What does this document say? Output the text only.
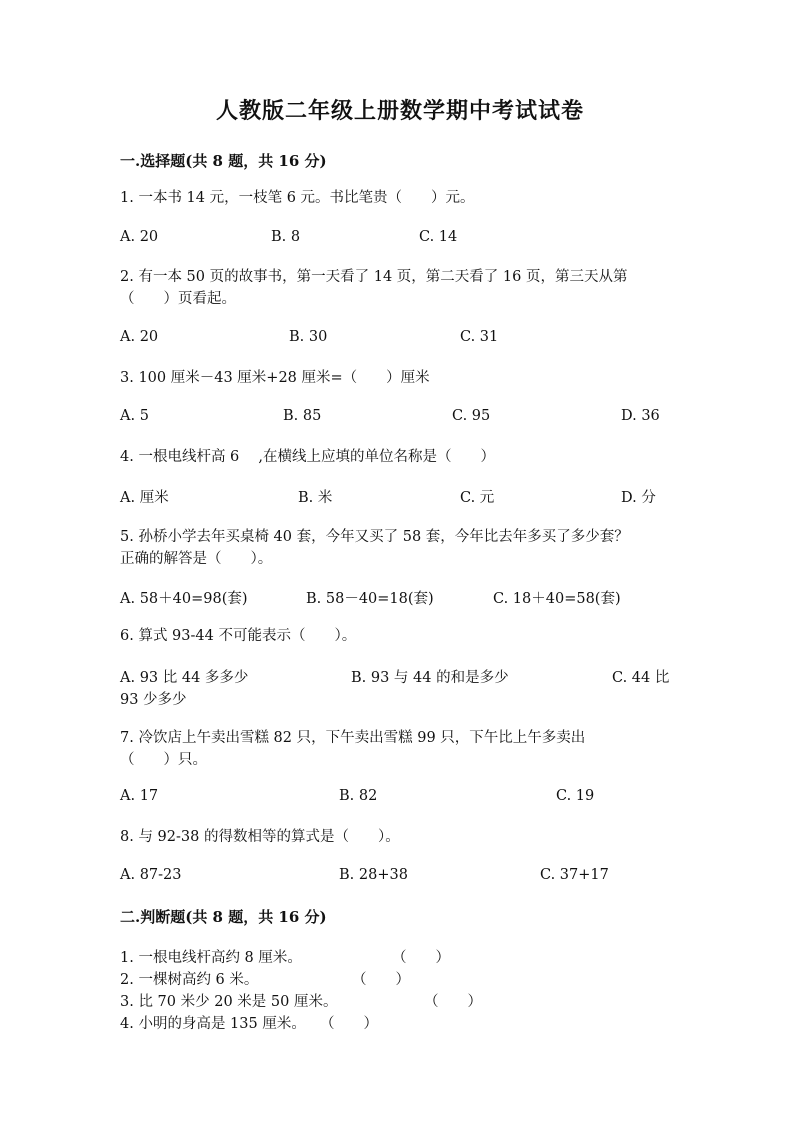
人教版二年级上册数学期中考试试卷
一.选择题(共 8 题，共 16 分)
1. 一本书 14 元，一枝笔 6 元。书比笔贵（　　）元。
A. 20	B. 8	C. 14
2. 有一本 50 页的故事书，第一天看了 14 页，第二天看了 16 页，第三天从第
（　　）页看起。
A. 20	B. 30	C. 31
3. 100 厘米－43 厘米+28 厘米=（　　）厘米
A. 5	B. 85	C. 95	D. 36
4. 一根电线杆高 6　 ,在横线上应填的单位名称是（　　）
A. 厘米	B. 米	C. 元	D. 分
5. 孙桥小学去年买桌椅 40 套，今年又买了 58 套，今年比去年多买了多少套？
正确的解答是（　　）。
A. 58＋40=98(套)	B. 58－40=18(套)	C. 18＋40=58(套)
6. 算式 93-44 不可能表示（　　）。
A. 93 比 44 多多少	B. 93 与 44 的和是多少	C. 44 比
93 少多少
7. 冷饮店上午卖出雪糕 82 只，下午卖出雪糕 99 只，下午比上午多卖出
（　　）只。
A. 17	B. 82	C. 19
8. 与 92-38 的得数相等的算式是（　　）。
A. 87-23	B. 28+38	C. 37+17
二.判断题(共 8 题，共 16 分)
1. 一根电线杆高约 8 厘米。	（　　）
2. 一棵树高约 6 米。	（　　）
3. 比 70 米少 20 米是 50 厘米。	（　　）
4. 小明的身高是 135 厘米。 （　　）
